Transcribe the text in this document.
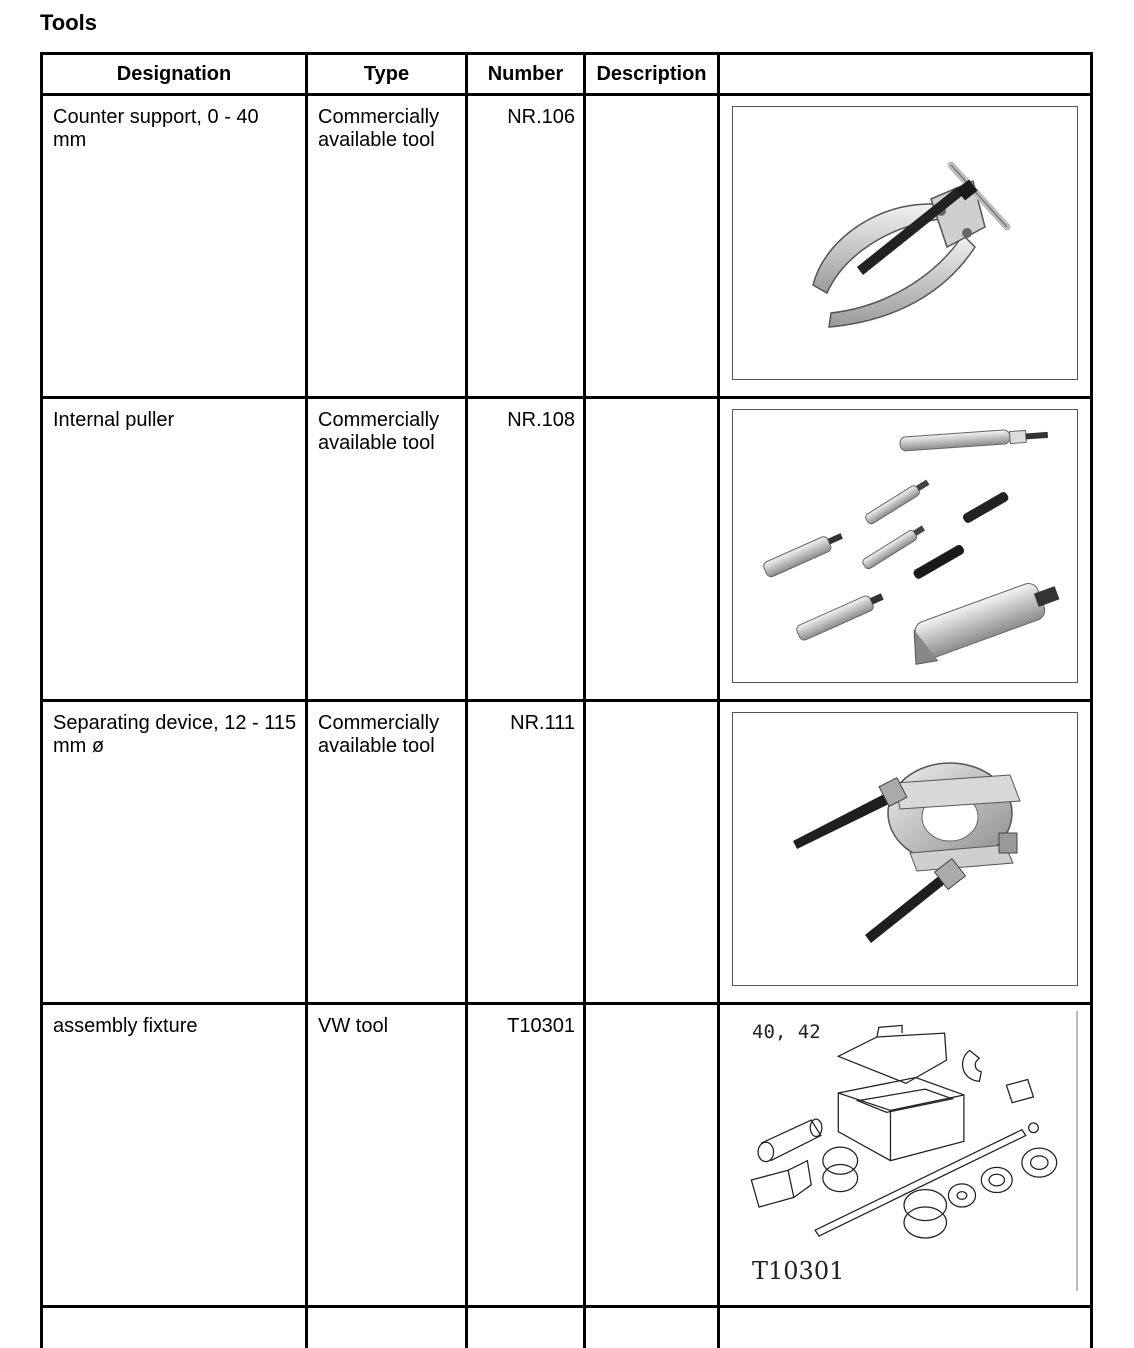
Tools
Designation	Type	Number	Description	
Counter support, 0 - 40 mm	Commercially available tool	NR.106		

Internal puller	Commercially available tool	NR.108		

Separating device, 12 - 115 mm ø	Commercially available tool	NR.111		

assembly fixture	VW tool	T10301		40, 42
T10301
